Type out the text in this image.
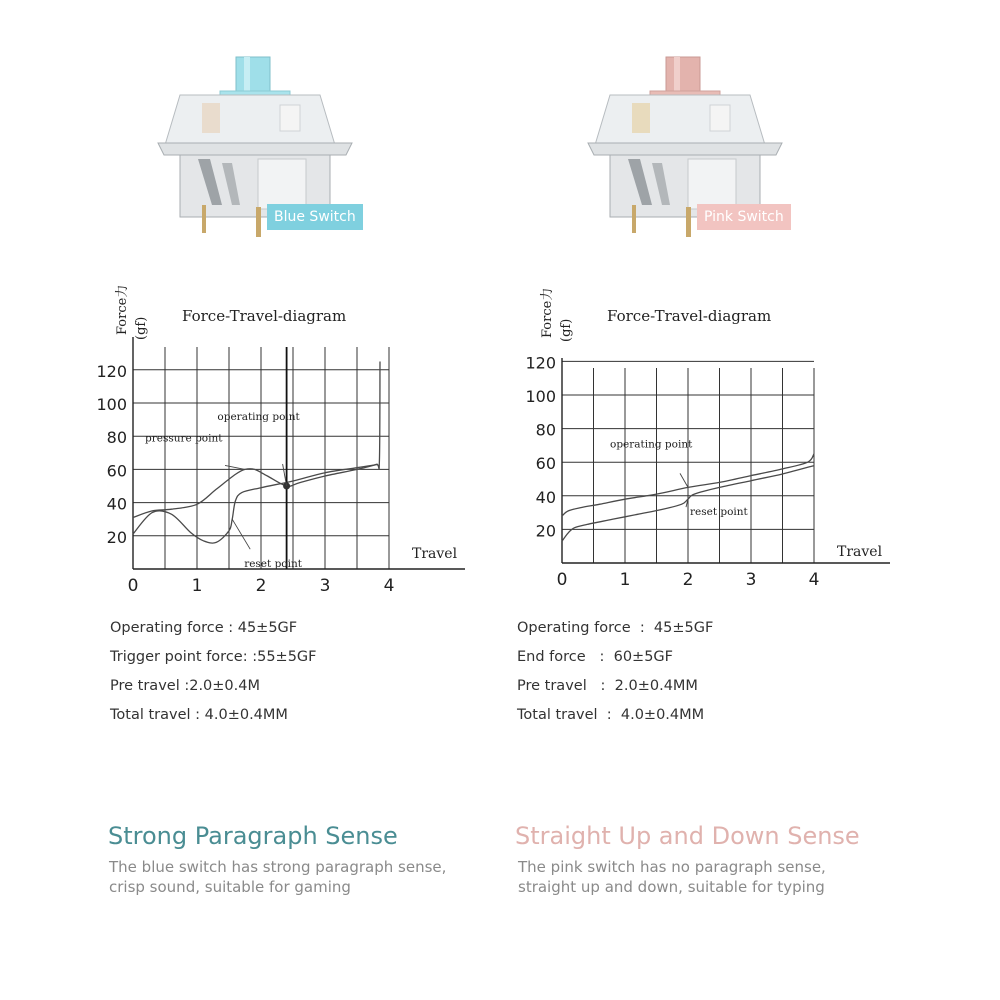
Blue Switch	Pink Switch
Force-Travel-diagram
Force力 (gf)
Travel
20
40
60
80
100
120
0	1	2	3	4
operating point
pressure point
reset point
Force-Travel-diagram
Force力 (gf)
Travel
20
40
60
80
100
120
0	1	2	3	4
operating point
reset point
Operating force : 45±5GF
Trigger point force: :55±5GF
Pre travel :2.0±0.4M
Total travel : 4.0±0.4MM
Operating force  :  45±5GF
End force   :  60±5GF
Pre travel   :  2.0±0.4MM
Total travel  :  4.0±0.4MM
Strong Paragraph Sense
The blue switch has strong paragraph sense,
crisp sound, suitable for gaming
Straight Up and Down Sense
The pink switch has no paragraph sense,
straight up and down, suitable for typing
